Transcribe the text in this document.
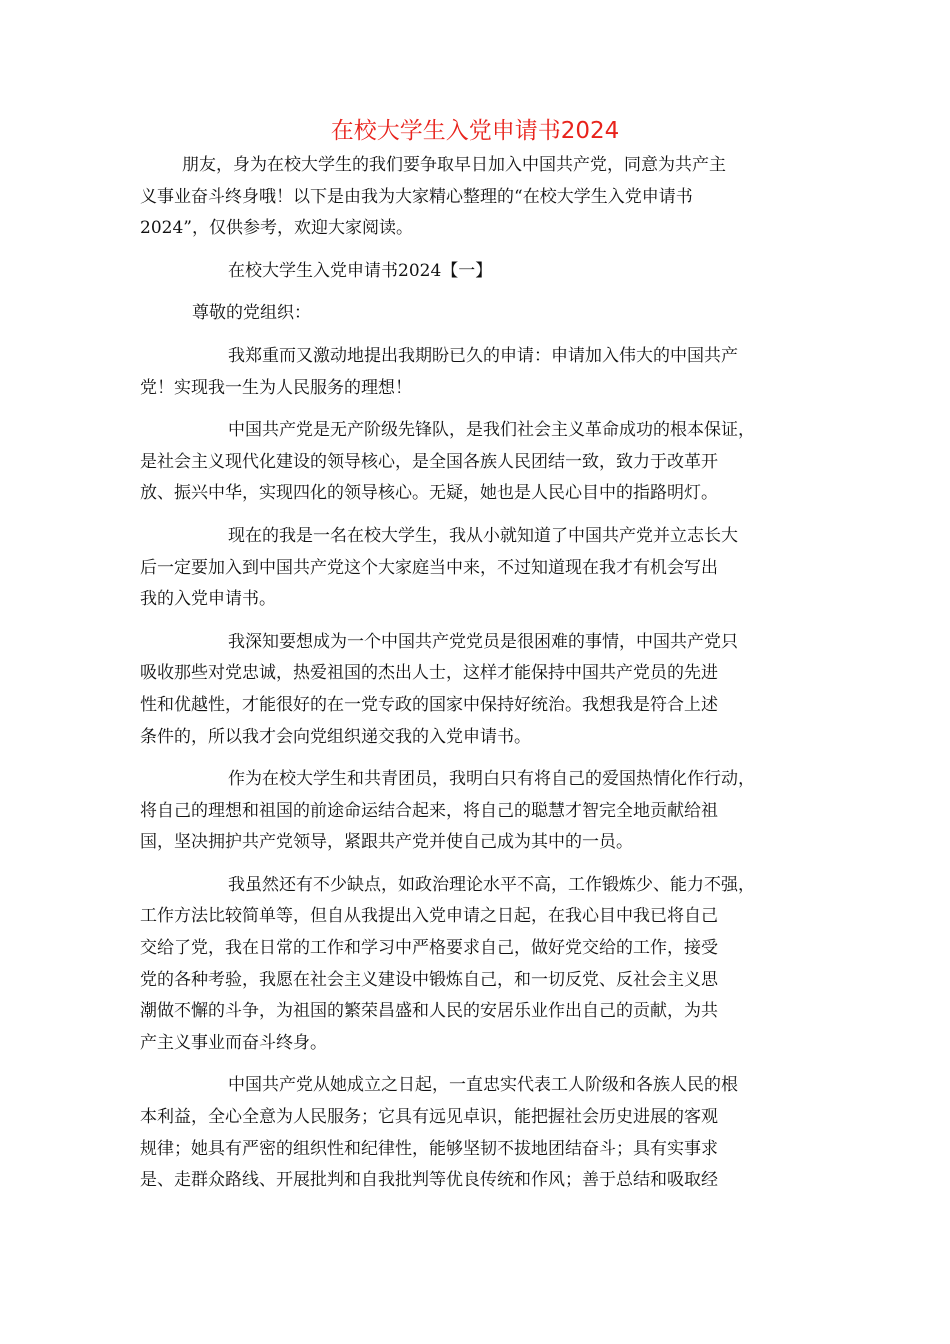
在校大学生入党申请书2024
朋友，身为在校大学生的我们要争取早日加入中国共产党，同意为共产主
义事业奋斗终身哦！以下是由我为大家精心整理的“在校大学生入党申请书
2024”，仅供参考，欢迎大家阅读。
在校大学生入党申请书2024【一】
尊敬的党组织：
我郑重而又激动地提出我期盼已久的申请：申请加入伟大的中国共产
党！实现我一生为人民服务的理想！
中国共产党是无产阶级先锋队，是我们社会主义革命成功的根本保证，
是社会主义现代化建设的领导核心，是全国各族人民团结一致，致力于改革开
放、振兴中华，实现四化的领导核心。无疑，她也是人民心目中的指路明灯。
现在的我是一名在校大学生，我从小就知道了中国共产党并立志长大
后一定要加入到中国共产党这个大家庭当中来，不过知道现在我才有机会写出
我的入党申请书。
我深知要想成为一个中国共产党党员是很困难的事情，中国共产党只
吸收那些对党忠诚，热爱祖国的杰出人士，这样才能保持中国共产党员的先进
性和优越性，才能很好的在一党专政的国家中保持好统治。我想我是符合上述
条件的，所以我才会向党组织递交我的入党申请书。
作为在校大学生和共青团员，我明白只有将自己的爱国热情化作行动，
将自己的理想和祖国的前途命运结合起来，将自己的聪慧才智完全地贡献给祖
国，坚决拥护共产党领导，紧跟共产党并使自己成为其中的一员。
我虽然还有不少缺点，如政治理论水平不高，工作锻炼少、能力不强，
工作方法比较简单等，但自从我提出入党申请之日起，在我心目中我已将自己
交给了党，我在日常的工作和学习中严格要求自己，做好党交给的工作，接受
党的各种考验，我愿在社会主义建设中锻炼自己，和一切反党、反社会主义思
潮做不懈的斗争，为祖国的繁荣昌盛和人民的安居乐业作出自己的贡献，为共
产主义事业而奋斗终身。
中国共产党从她成立之日起，一直忠实代表工人阶级和各族人民的根
本利益，全心全意为人民服务；它具有远见卓识，能把握社会历史进展的客观
规律；她具有严密的组织性和纪律性，能够坚韧不拔地团结奋斗；具有实事求
是、走群众路线、开展批判和自我批判等优良传统和作风；善于总结和吸取经
